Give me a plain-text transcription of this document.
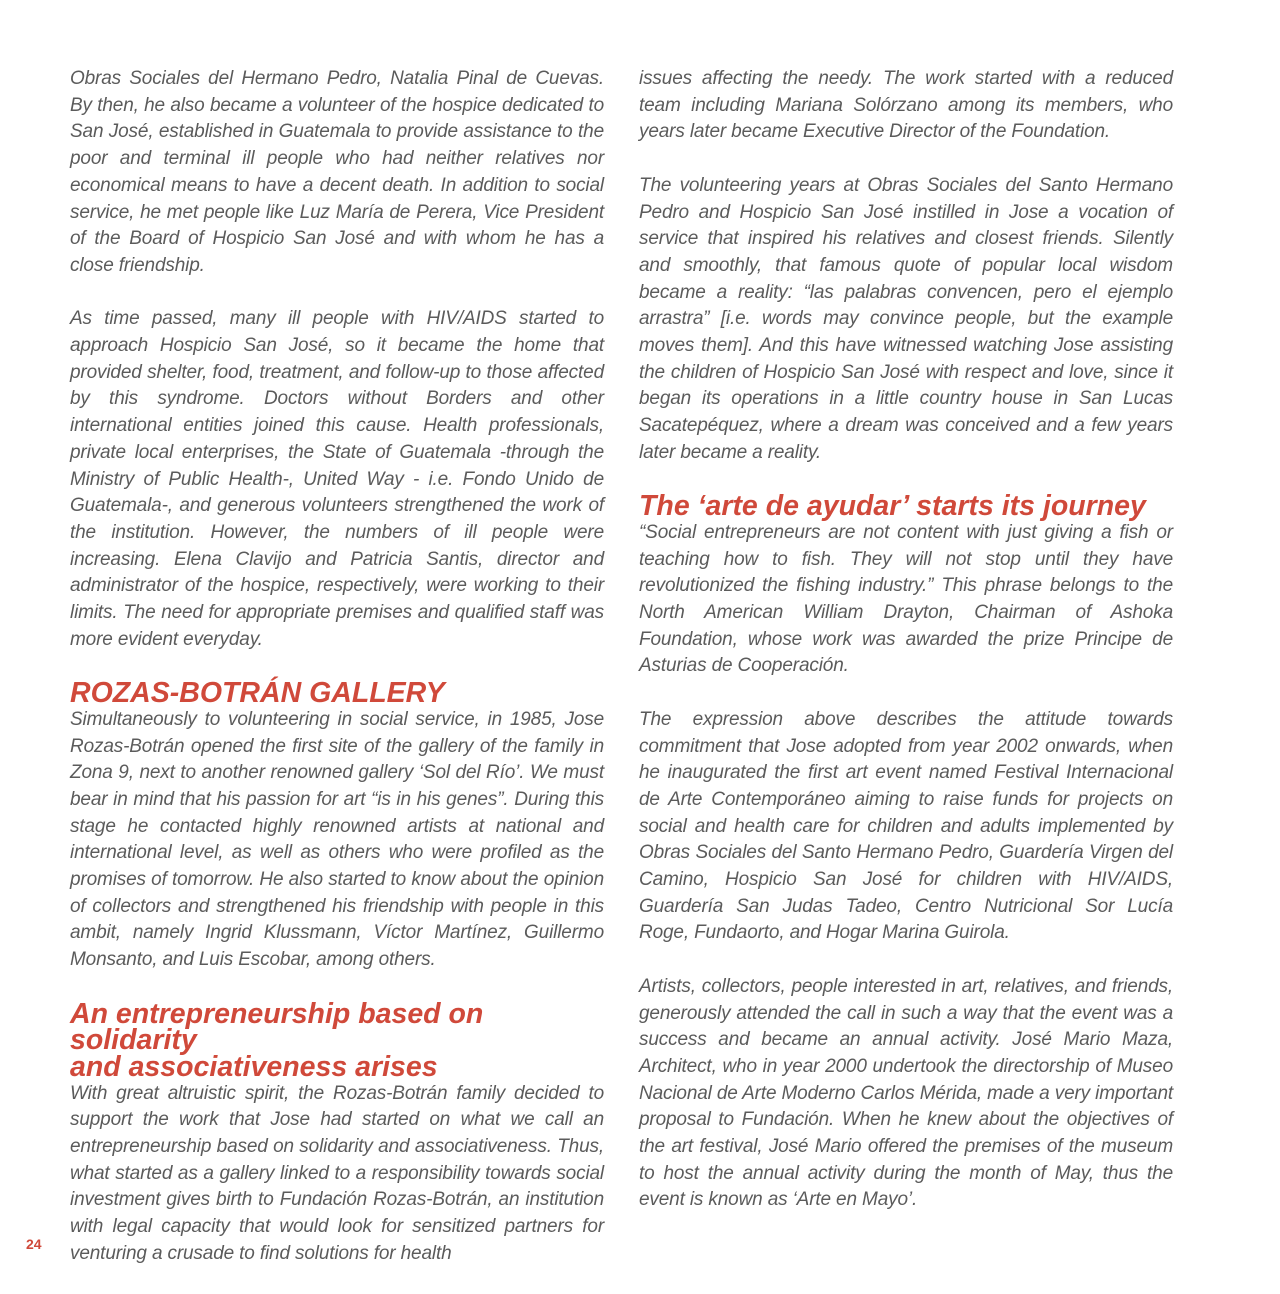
Obras Sociales del Hermano Pedro, Natalia Pinal de Cuevas. By then, he also became a volunteer of the hospice dedicated to San José, established in Guatemala to provide assistance to the poor and terminal ill people who had neither relatives nor economical means to have a decent death. In addition to social service, he met people like Luz María de Perera, Vice President of the Board of Hospicio San José and with whom he has a close friendship.

As time passed, many ill people with HIV/AIDS started to approach Hospicio San José, so it became the home that provided shelter, food, treatment, and follow-up to those affected by this syndrome. Doctors without Borders and other international entities joined this cause. Health professionals, private local enterprises, the State of Guatemala -through the Ministry of Public Health-, United Way - i.e. Fondo Unido de Guatemala-, and generous volunteers strengthened the work of the institution. However, the numbers of ill people were increasing. Elena Clavijo and Patricia Santis, director and administrator of the hospice, respectively, were working to their limits. The need for appropriate premises and qualified staff was more evident everyday.

ROZAS-BOTRÁN GALLERY

Simultaneously to volunteering in social service, in 1985, Jose Rozas-Botrán opened the first site of the gallery of the family in Zona 9, next to another renowned gallery ‘Sol del Río’. We must bear in mind that his passion for art “is in his genes”. During this stage he contacted highly renowned artists at national and international level, as well as others who were profiled as the promises of tomorrow. He also started to know about the opinion of collectors and strengthened his friendship with people in this ambit, namely Ingrid Klussmann, Víctor Martínez, Guillermo Monsanto, and Luis Escobar, among others.

An entrepreneurship based on solidarity
and associativeness arises

With great altruistic spirit, the Rozas-Botrán family decided to support the work that Jose had started on what we call an entrepreneurship based on solidarity and associativeness. Thus, what started as a gallery linked to a responsibility towards social investment gives birth to Fundación Rozas-Botrán, an institution with legal capacity that would look for sensitized partners for venturing a crusade to find solutions for health

issues affecting the needy. The work started with a reduced team including Mariana Solórzano among its members, who years later became Executive Director of the Foundation.

The volunteering years at Obras Sociales del Santo Hermano Pedro and Hospicio San José instilled in Jose a vocation of service that inspired his relatives and closest friends. Silently and smoothly, that famous quote of popular local wisdom became a reality: “las palabras convencen, pero el ejemplo arrastra” [i.e. words may convince people, but the example moves them]. And this have witnessed watching Jose assisting the children of Hospicio San José with respect and love, since it began its operations in a little country house in San Lucas Sacatepéquez, where a dream was conceived and a few years later became a reality.

The ‘arte de ayudar’ starts its journey

“Social entrepreneurs are not content with just giving a fish or teaching how to fish. They will not stop until they have revolutionized the fishing industry.” This phrase belongs to the North American William Drayton, Chairman of Ashoka Foundation, whose work was awarded the prize Principe de Asturias de Cooperación.

The expression above describes the attitude towards commitment that Jose adopted from year 2002 onwards, when he inaugurated the first art event named Festival Internacional de Arte Contemporáneo aiming to raise funds for projects on social and health care for children and adults implemented by Obras Sociales del Santo Hermano Pedro, Guardería Virgen del Camino, Hospicio San José for children with HIV/AIDS, Guardería San Judas Tadeo, Centro Nutricional Sor Lucía Roge, Fundaorto, and Hogar Marina Guirola.

Artists, collectors, people interested in art, relatives, and friends, generously attended the call in such a way that the event was a success and became an annual activity. José Mario Maza, Architect, who in year 2000 undertook the directorship of Museo Nacional de Arte Moderno Carlos Mérida, made a very important proposal to Fundación. When he knew about the objectives of the art festival, José Mario offered the premises of the museum to host the annual activity during the month of May, thus the event is known as ‘Arte en Mayo’.

24
